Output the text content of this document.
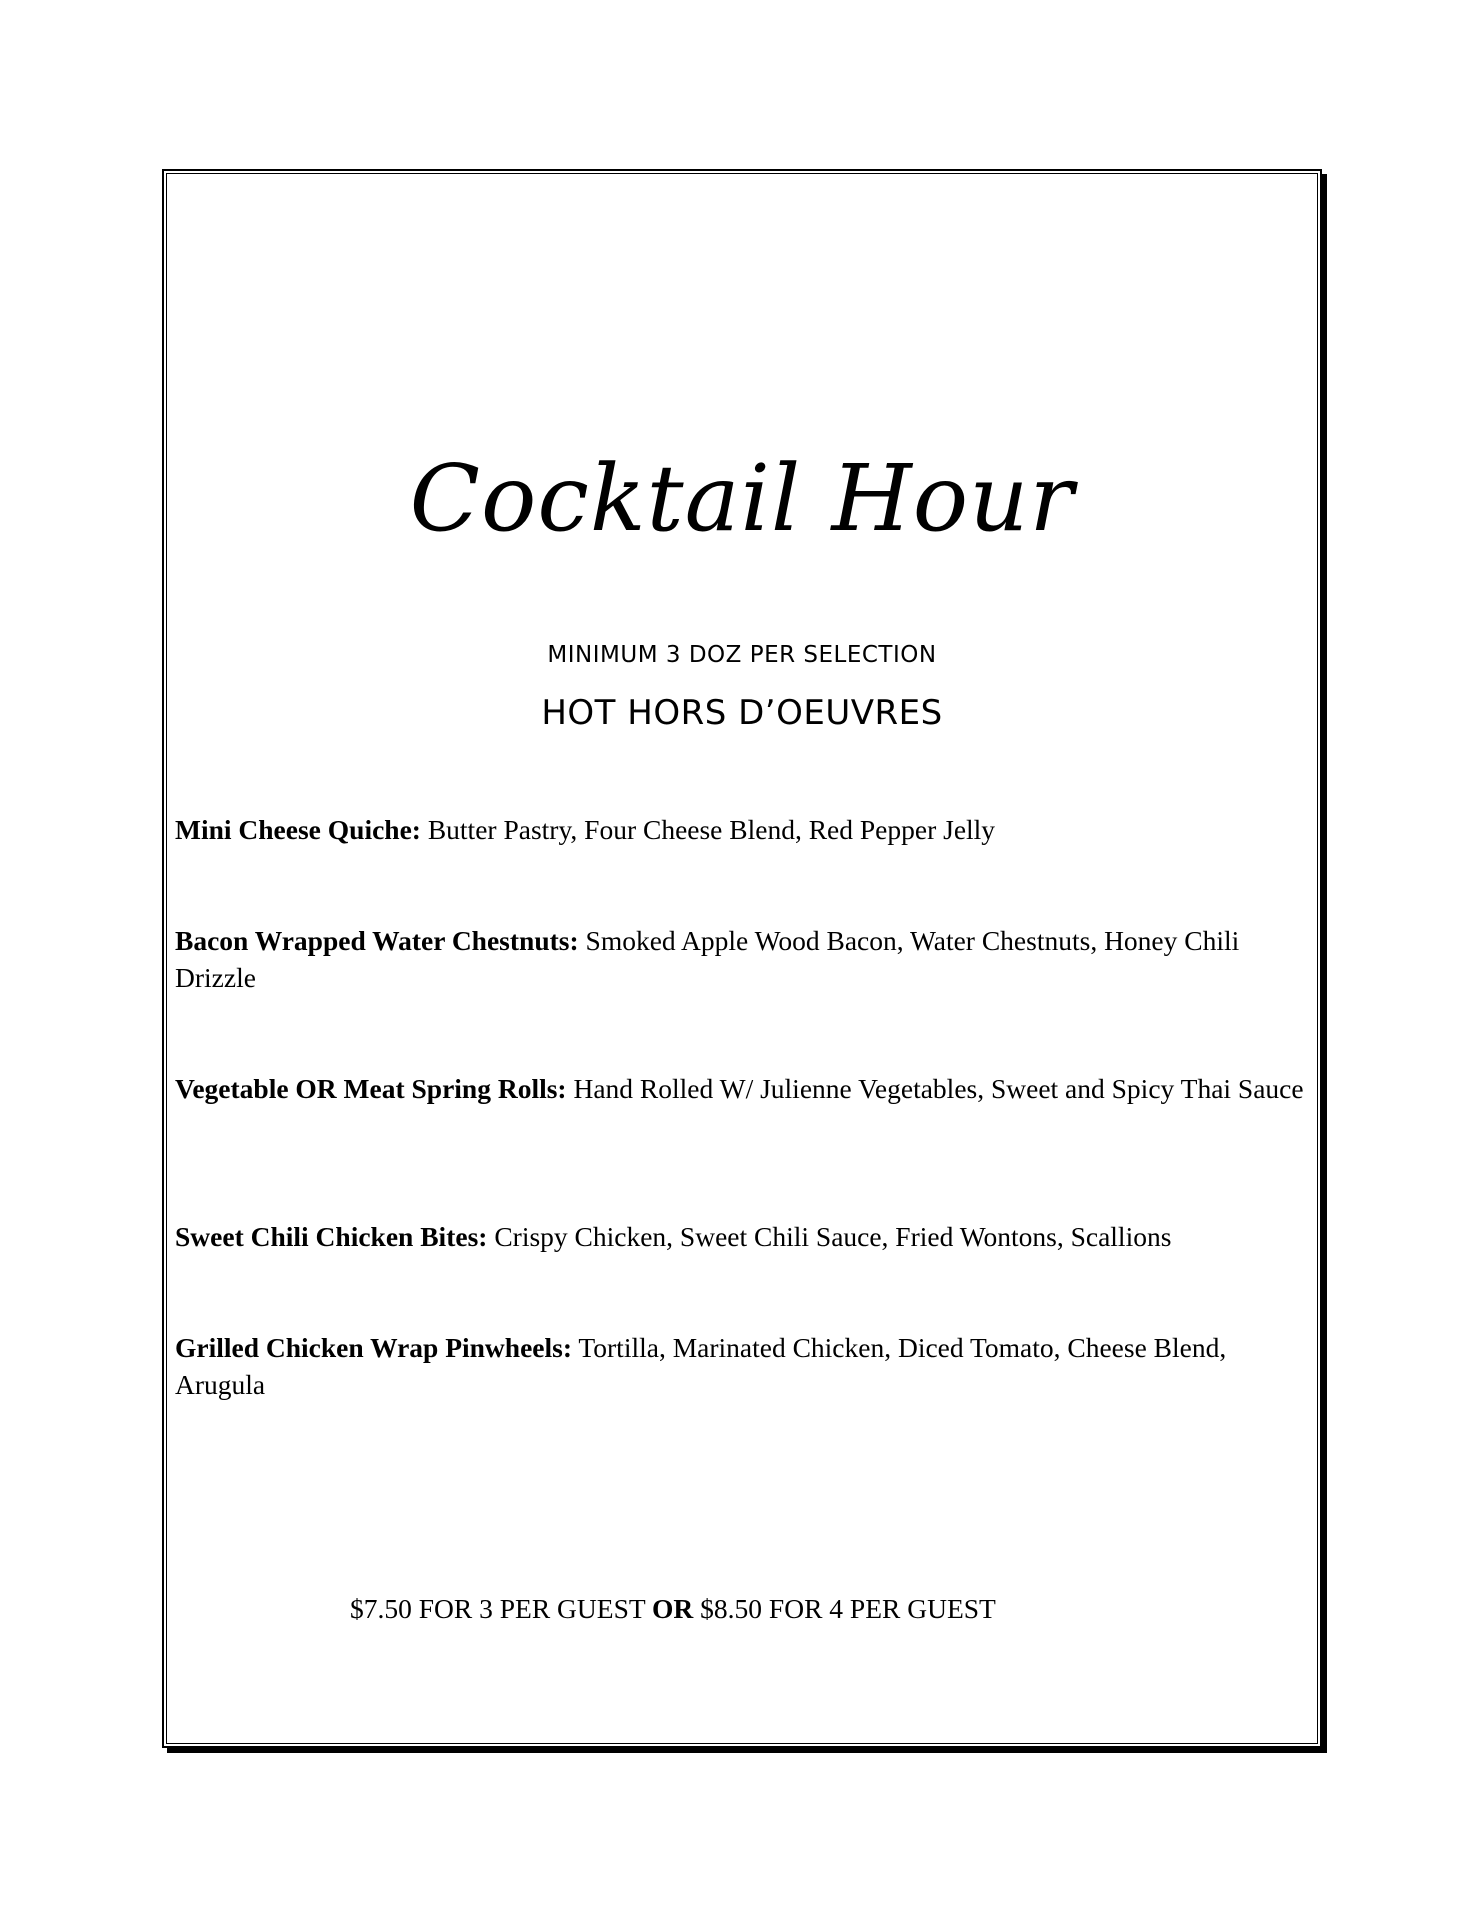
Cocktail Hour
MINIMUM 3 DOZ PER SELECTION
HOT HORS D’OEUVRES
Mini Cheese Quiche: Butter Pastry, Four Cheese Blend, Red Pepper Jelly
Bacon Wrapped Water Chestnuts: Smoked Apple Wood Bacon, Water Chestnuts, Honey Chili Drizzle
Vegetable OR Meat Spring Rolls: Hand Rolled W/ Julienne Vegetables, Sweet and Spicy Thai Sauce
Sweet Chili Chicken Bites: Crispy Chicken, Sweet Chili Sauce, Fried Wontons, Scallions
Grilled Chicken Wrap Pinwheels: Tortilla, Marinated Chicken, Diced Tomato, Cheese Blend, Arugula
$7.50 FOR 3 PER GUEST OR $8.50 FOR 4 PER GUEST
